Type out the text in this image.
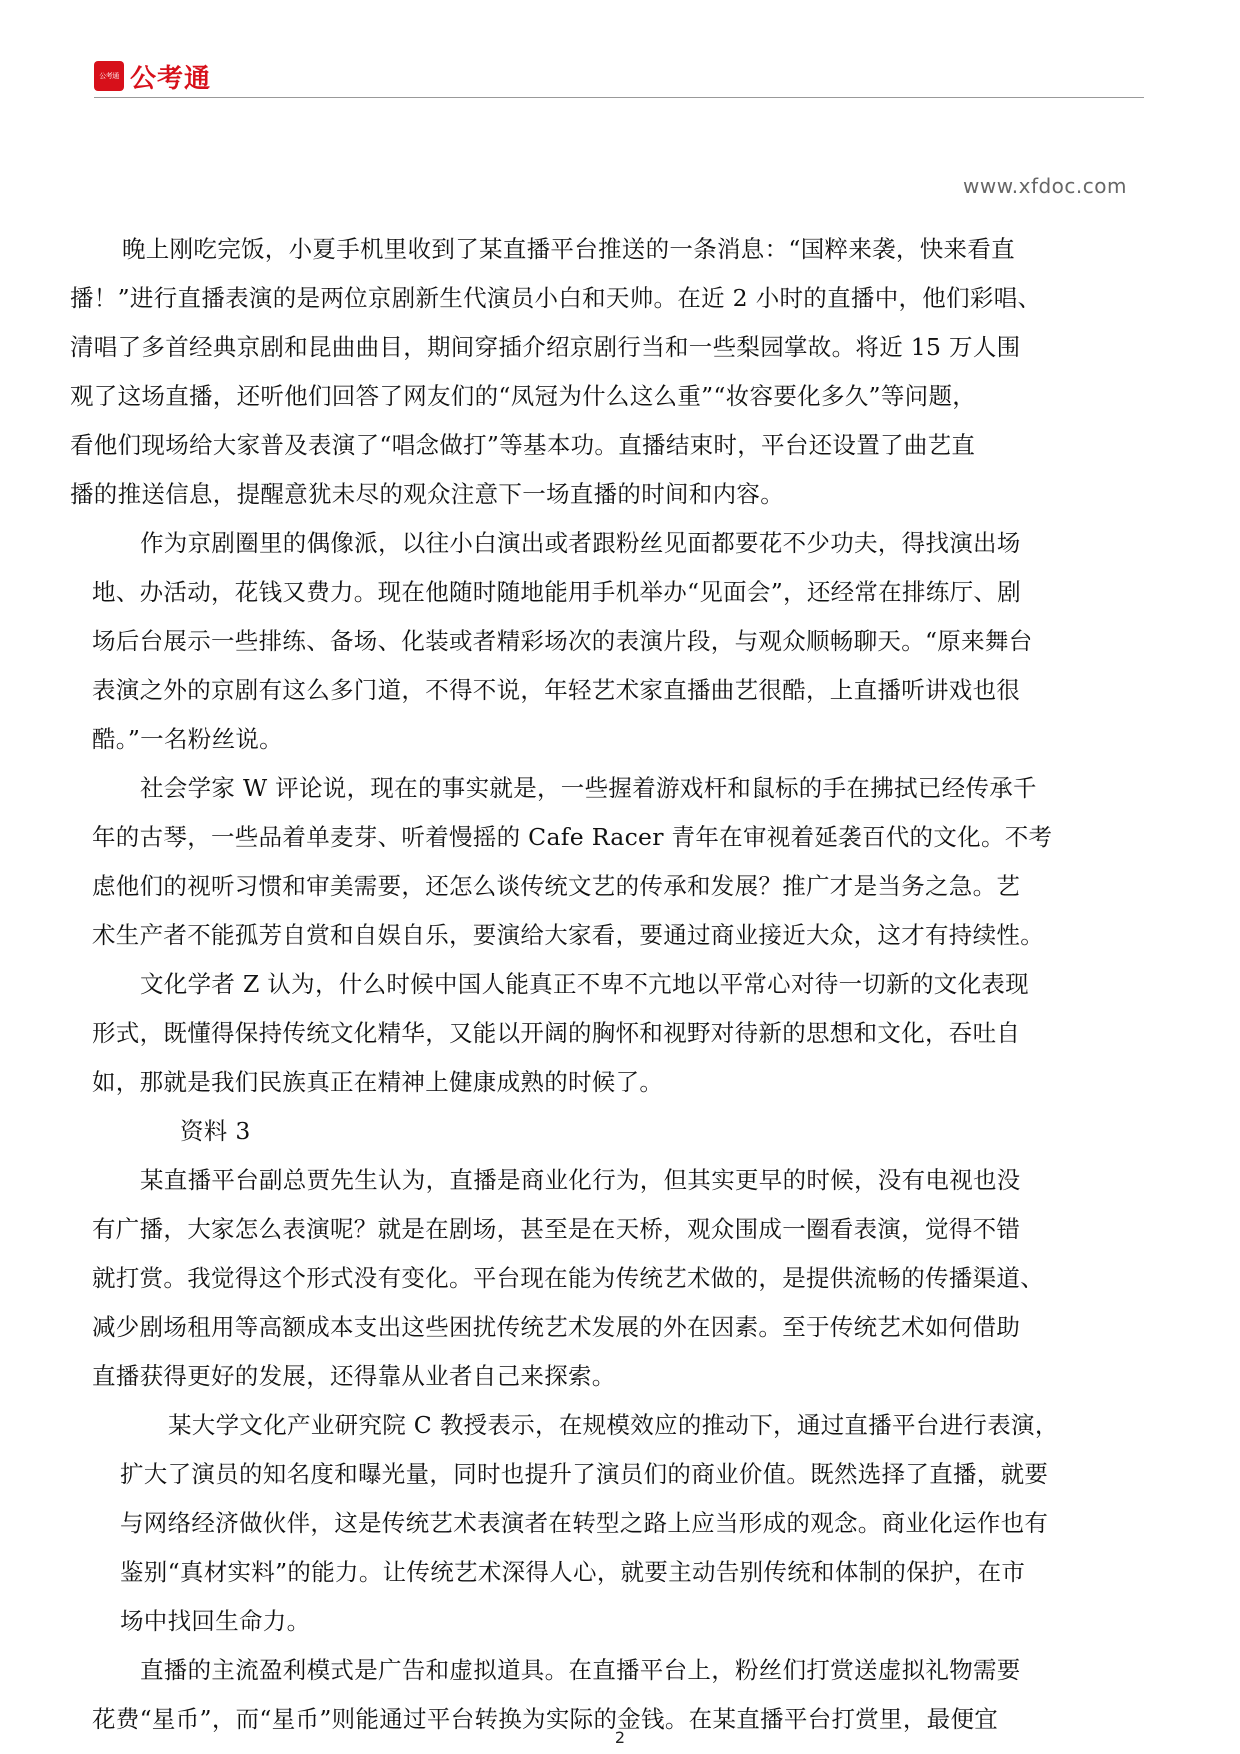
公考通 公考通
www.xfdoc.com
晚上刚吃完饭，小夏手机里收到了某直播平台推送的一条消息：“国粹来袭，快来看直
播！”进行直播表演的是两位京剧新生代演员小白和天帅。在近 2 小时的直播中，他们彩唱、
清唱了多首经典京剧和昆曲曲目，期间穿插介绍京剧行当和一些梨园掌故。将近 15 万人围
观了这场直播，还听他们回答了网友们的“凤冠为什么这么重”“妆容要化多久”等问题，
看他们现场给大家普及表演了“唱念做打”等基本功。直播结束时，平台还设置了曲艺直
播的推送信息，提醒意犹未尽的观众注意下一场直播的时间和内容。
作为京剧圈里的偶像派，以往小白演出或者跟粉丝见面都要花不少功夫，得找演出场
地、办活动，花钱又费力。现在他随时随地能用手机举办“见面会”，还经常在排练厅、剧
场后台展示一些排练、备场、化装或者精彩场次的表演片段，与观众顺畅聊天。“原来舞台
表演之外的京剧有这么多门道，不得不说，年轻艺术家直播曲艺很酷，上直播听讲戏也很
酷。”一名粉丝说。
社会学家 W 评论说，现在的事实就是，一些握着游戏杆和鼠标的手在拂拭已经传承千
年的古琴，一些品着单麦芽、听着慢摇的 Cafe Racer 青年在审视着延袭百代的文化。不考
虑他们的视听习惯和审美需要，还怎么谈传统文艺的传承和发展？推广才是当务之急。艺
术生产者不能孤芳自赏和自娱自乐，要演给大家看，要通过商业接近大众，这才有持续性。
文化学者 Z 认为，什么时候中国人能真正不卑不亢地以平常心对待一切新的文化表现
形式，既懂得保持传统文化精华，又能以开阔的胸怀和视野对待新的思想和文化，吞吐自
如，那就是我们民族真正在精神上健康成熟的时候了。
资料 3
某直播平台副总贾先生认为，直播是商业化行为，但其实更早的时候，没有电视也没
有广播，大家怎么表演呢？就是在剧场，甚至是在天桥，观众围成一圈看表演，觉得不错
就打赏。我觉得这个形式没有变化。平台现在能为传统艺术做的，是提供流畅的传播渠道、
减少剧场租用等高额成本支出这些困扰传统艺术发展的外在因素。至于传统艺术如何借助
直播获得更好的发展，还得靠从业者自己来探索。
某大学文化产业研究院 C 教授表示，在规模效应的推动下，通过直播平台进行表演，
扩大了演员的知名度和曝光量，同时也提升了演员们的商业价值。既然选择了直播，就要
与网络经济做伙伴，这是传统艺术表演者在转型之路上应当形成的观念。商业化运作也有
鉴别“真材实料”的能力。让传统艺术深得人心，就要主动告别传统和体制的保护，在市
场中找回生命力。
直播的主流盈利模式是广告和虚拟道具。在直播平台上，粉丝们打赏送虚拟礼物需要
花费“星币”，而“星币”则能通过平台转换为实际的金钱。在某直播平台打赏里，最便宜
2
